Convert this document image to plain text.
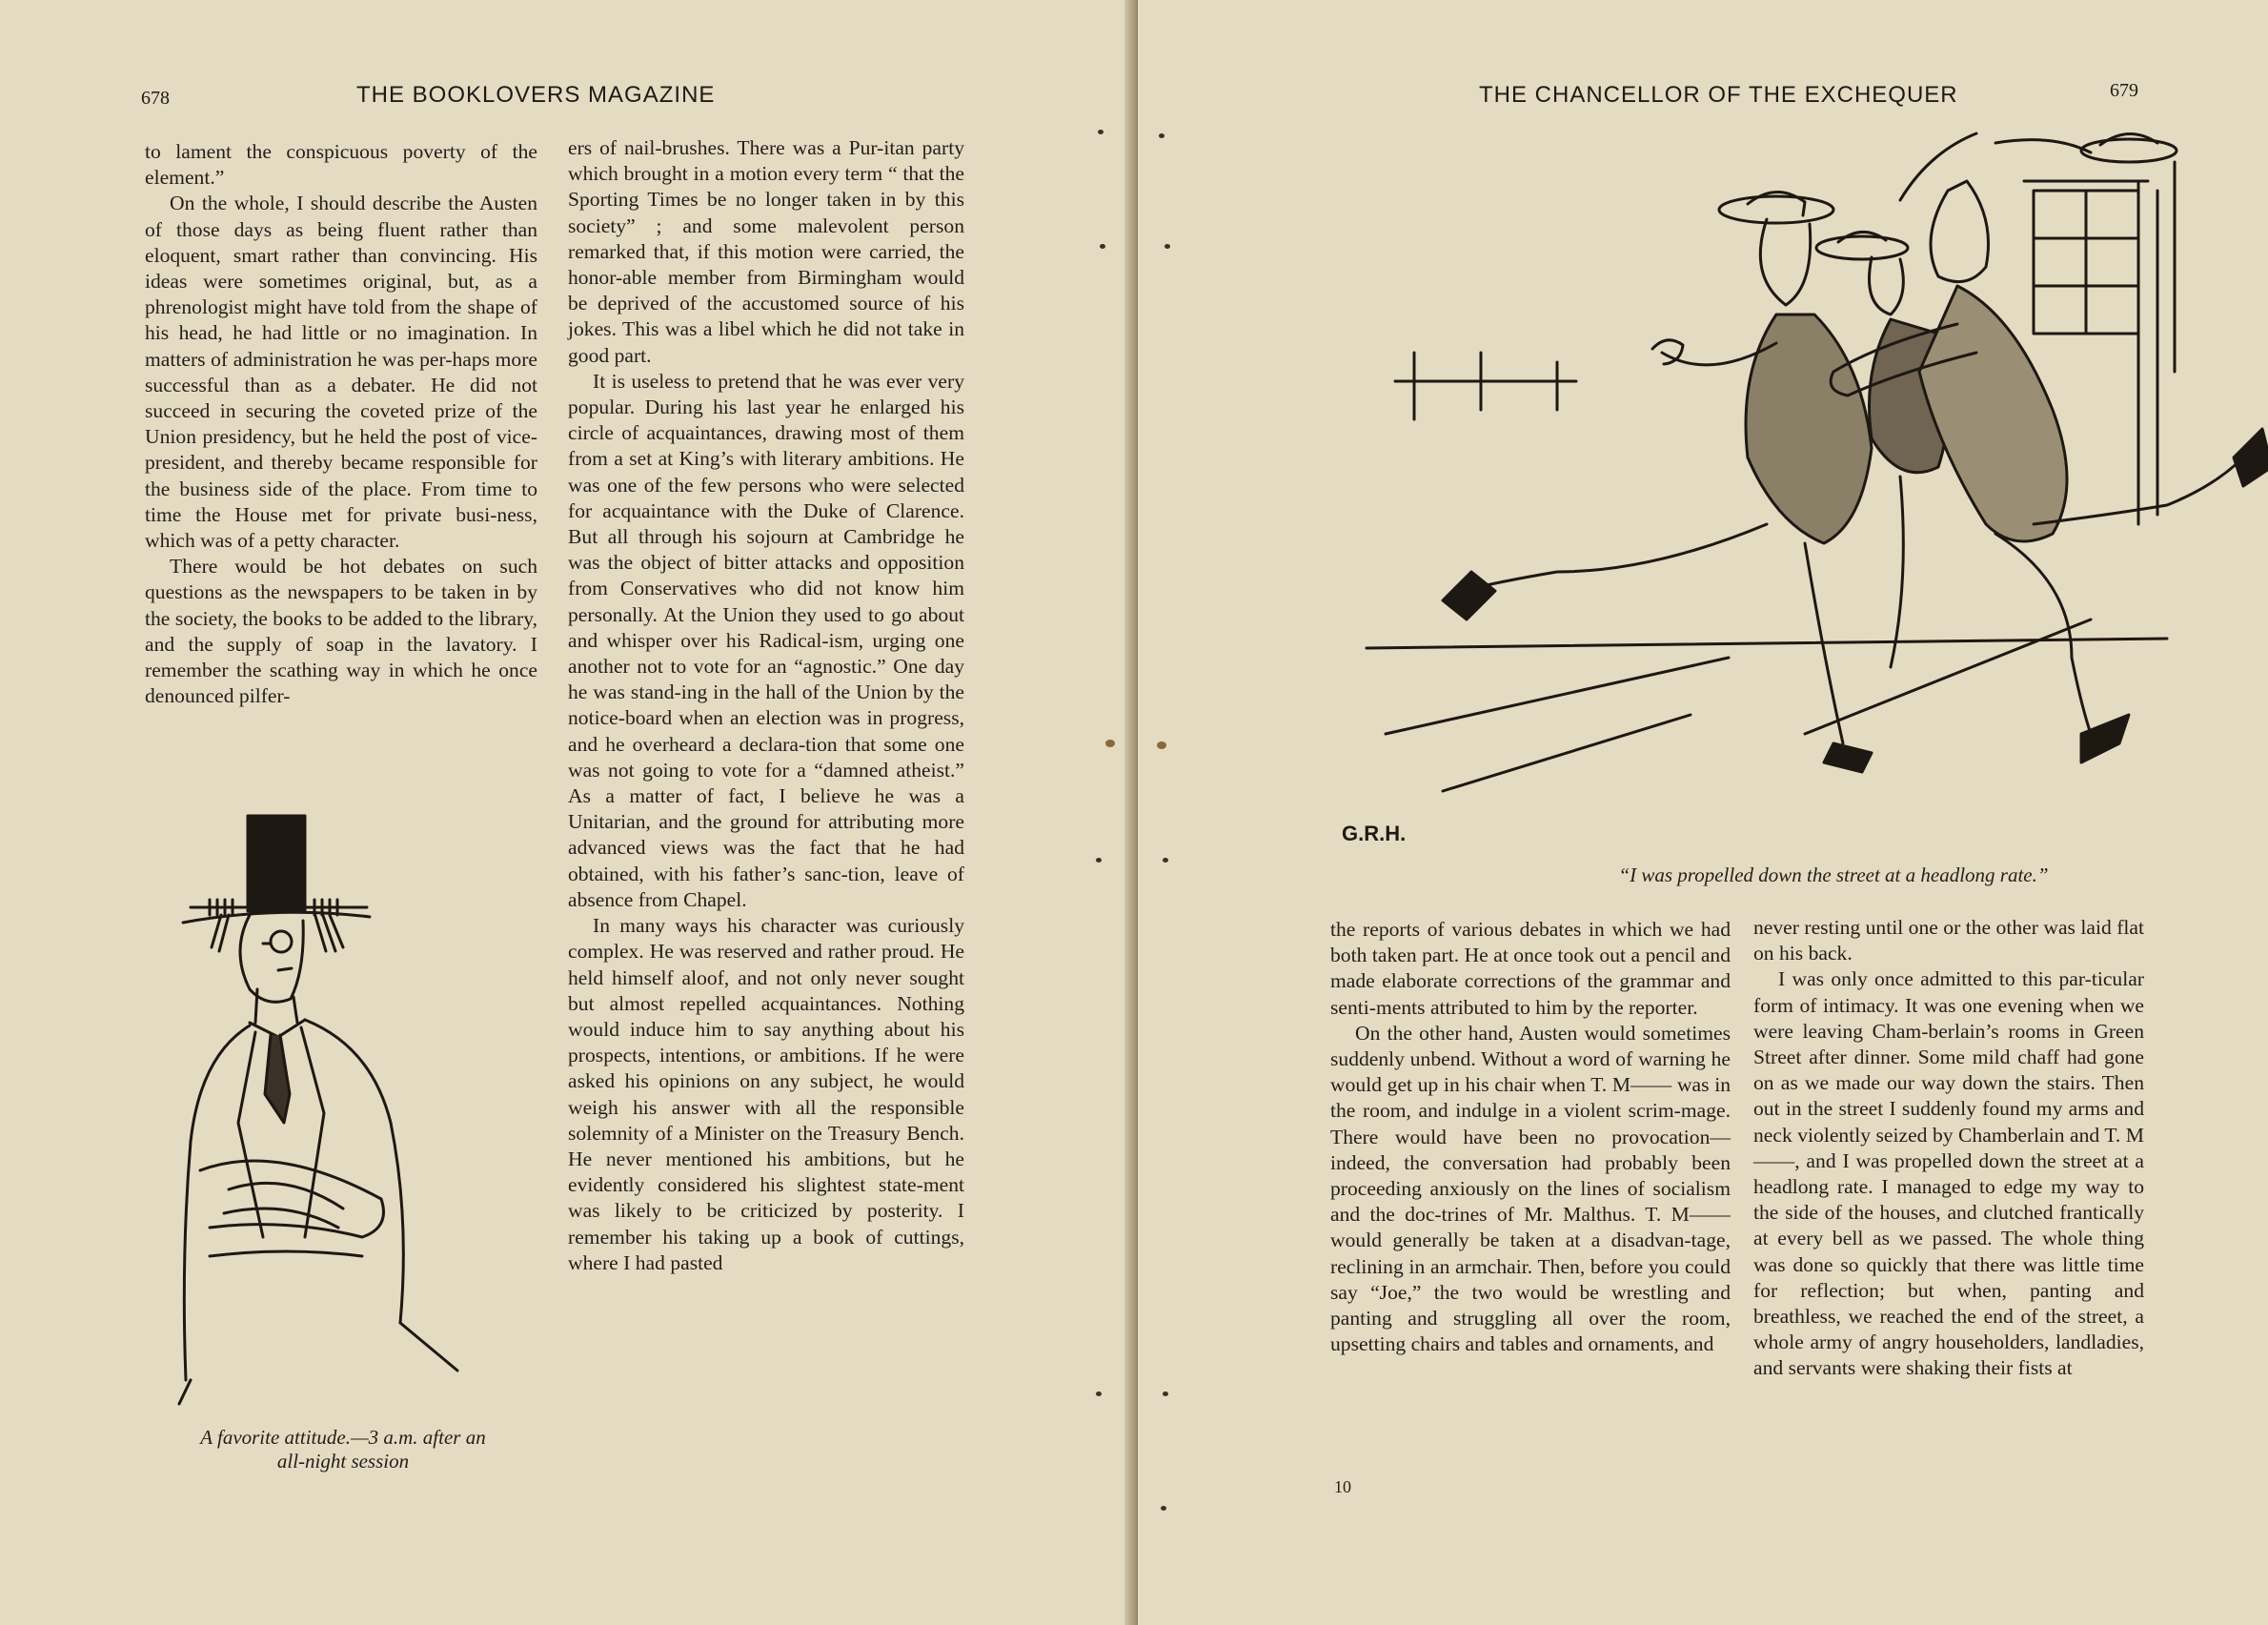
678	THE BOOKLOVERS MAGAZINE

to lament the conspicuous poverty of the element.”

On the whole, I should describe the Austen of those days as being fluent rather than eloquent, smart rather than convincing. His ideas were sometimes original, but, as a phrenologist might have told from the shape of his head, he had little or no imagination. In matters of administration he was per-haps more successful than as a debater. He did not succeed in securing the coveted prize of the Union presidency, but he held the post of vice-president, and thereby became responsible for the business side of the place. From time to time the House met for private busi-ness, which was of a petty character.

There would be hot debates on such questions as the newspapers to be taken in by the society, the books to be added to the library, and the supply of soap in the lavatory. I remember the scathing way in which he once denounced pilfer-

A favorite attitude.—3 a.m. after an
all-night session

ers of nail-brushes. There was a Pur-itan party which brought in a motion every term “ that the Sporting Times be no longer taken in by this society” ; and some malevolent person remarked that, if this motion were carried, the honor-able member from Birmingham would be deprived of the accustomed source of his jokes. This was a libel which he did not take in good part.

It is useless to pretend that he was ever very popular. During his last year he enlarged his circle of acquaintances, drawing most of them from a set at King’s with literary ambitions. He was one of the few persons who were selected for acquaintance with the Duke of Clarence. But all through his sojourn at Cambridge he was the object of bitter attacks and opposition from Conservatives who did not know him personally. At the Union they used to go about and whisper over his Radical-ism, urging one another not to vote for an “agnostic.” One day he was stand-ing in the hall of the Union by the notice-board when an election was in progress, and he overheard a declara-tion that some one was not going to vote for a “damned atheist.” As a matter of fact, I believe he was a Unitarian, and the ground for attributing more advanced views was the fact that he had obtained, with his father’s sanc-tion, leave of absence from Chapel.

In many ways his character was curiously complex. He was reserved and rather proud. He held himself aloof, and not only never sought but almost repelled acquaintances. Nothing would induce him to say anything about his prospects, intentions, or ambitions. If he were asked his opinions on any subject, he would weigh his answer with all the responsible solemnity of a Minister on the Treasury Bench. He never mentioned his ambitions, but he evidently considered his slightest state-ment was likely to be criticized by posterity. I remember his taking up a book of cuttings, where I had pasted

THE CHANCELLOR OF THE EXCHEQUER	679
G.R.H.
“I was propelled down the street at a headlong rate.”

the reports of various debates in which we had both taken part. He at once took out a pencil and made elaborate corrections of the grammar and senti-ments attributed to him by the reporter.

On the other hand, Austen would sometimes suddenly unbend. Without a word of warning he would get up in his chair when T. M—— was in the room, and indulge in a violent scrim-mage. There would have been no provocation—indeed, the conversation had probably been proceeding anxiously on the lines of socialism and the doc-trines of Mr. Malthus. T. M—— would generally be taken at a disadvan-tage, reclining in an armchair. Then, before you could say “Joe,” the two would be wrestling and panting and struggling all over the room, upsetting chairs and tables and ornaments, and

never resting until one or the other was laid flat on his back.

I was only once admitted to this par-ticular form of intimacy. It was one evening when we were leaving Cham-berlain’s rooms in Green Street after dinner. Some mild chaff had gone on as we made our way down the stairs. Then out in the street I suddenly found my arms and neck violently seized by Chamberlain and T. M——, and I was propelled down the street at a headlong rate. I managed to edge my way to the side of the houses, and clutched frantically at every bell as we passed. The whole thing was done so quickly that there was little time for reflection; but when, panting and breathless, we reached the end of the street, a whole army of angry householders, landladies, and servants were shaking their fists at

10
